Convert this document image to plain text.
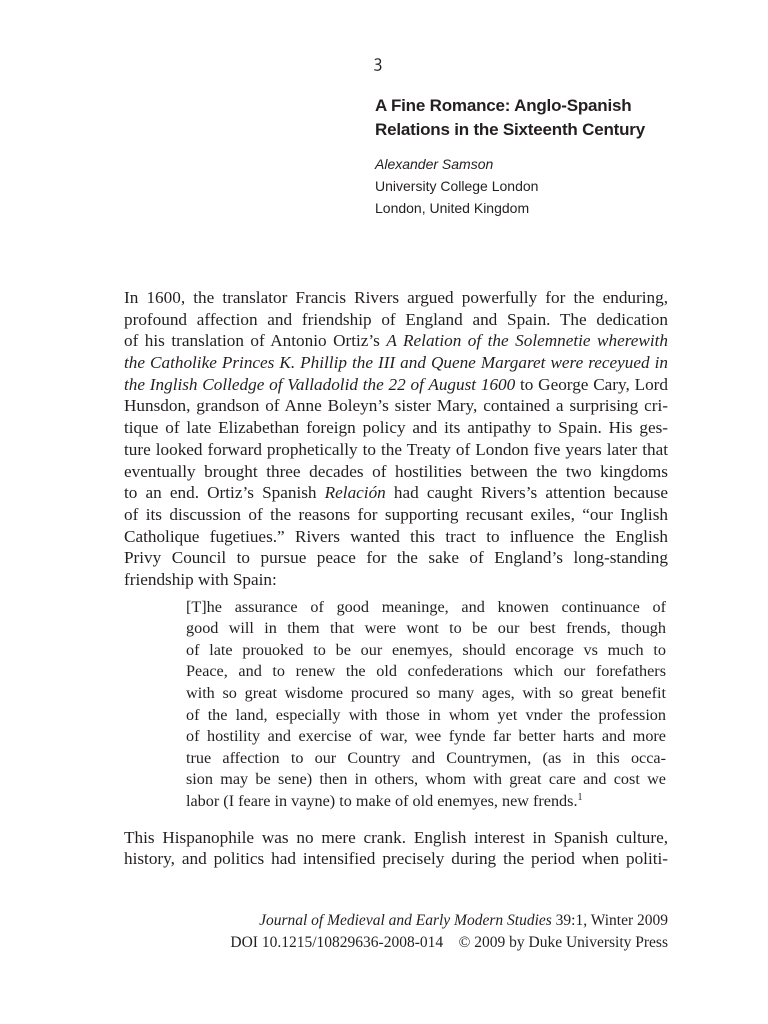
ꝫ
A Fine Romance: Anglo-Spanish
Relations in the Sixteenth Century
Alexander Samson
University College London
London, United Kingdom
In 1600, the translator Francis Rivers argued powerfully for the enduring,
profound affection and friendship of England and Spain. The dedication
of his translation of Antonio Ortiz’s A Relation of the Solemnetie wherewith
the Catholike Princes K. Phillip the III and Quene Margaret were receyued in
the Inglish Colledge of Valladolid the 22 of August 1600 to George Cary, Lord
Hunsdon, grandson of Anne Boleyn’s sister Mary, contained a surprising cri-
tique of late Elizabethan foreign policy and its antipathy to Spain. His ges-
ture looked forward prophetically to the Treaty of London five years later that
eventually brought three decades of hostilities between the two kingdoms
to an end. Ortiz’s Spanish Relación had caught Rivers’s attention because
of its discussion of the reasons for supporting recusant exiles, “our Inglish
Catholique fugetiues.” Rivers wanted this tract to influence the English
Privy Council to pursue peace for the sake of England’s long-standing
friendship with Spain:
[T]he assurance of good meaninge, and knowen continuance of
good will in them that were wont to be our best frends, though
of late prouoked to be our enemyes, should encorage vs much to
Peace, and to renew the old confederations which our forefathers
with so great wisdome procured so many ages, with so great benefit
of the land, especially with those in whom yet vnder the profession
of hostility and exercise of war, wee fynde far better harts and more
true affection to our Country and Countrymen, (as in this occa-
sion may be sene) then in others, whom with great care and cost we
labor (I feare in vayne) to make of old enemyes, new frends.$^1$
This Hispanophile was no mere crank. English interest in Spanish culture,
history, and politics had intensified precisely during the period when politi-
Journal of Medieval and Early Modern Studies 39:1, Winter 2009
DOI 10.1215/10829636-2008-014 © 2009 by Duke University Press
